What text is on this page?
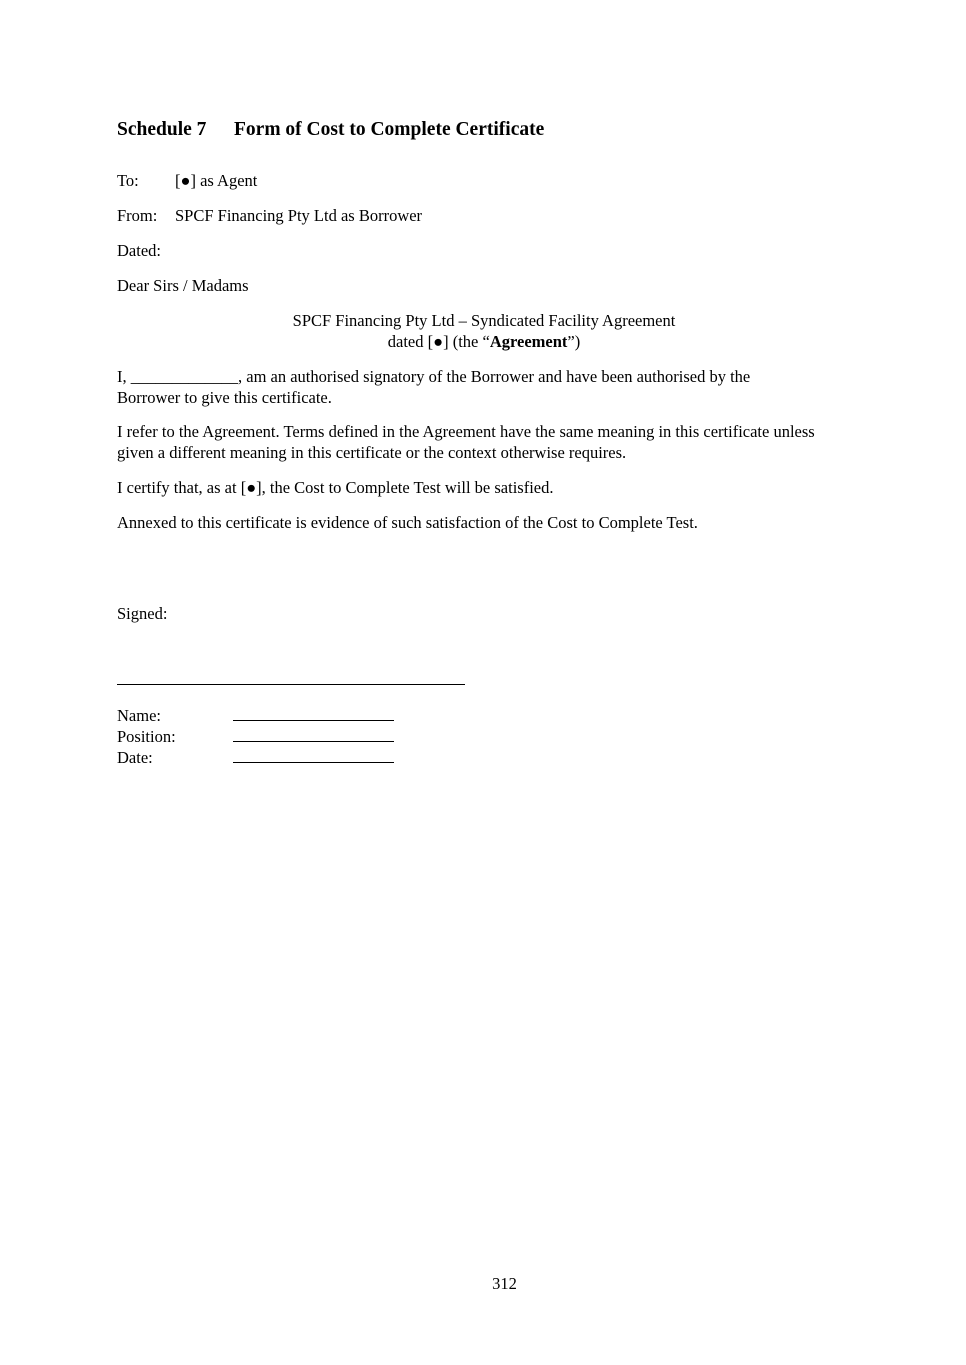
Schedule 7 Form of Cost to Complete Certificate
To: [●] as Agent
From: SPCF Financing Pty Ltd as Borrower
Dated:
Dear Sirs / Madams
SPCF Financing Pty Ltd – Syndicated Facility Agreement
dated [●] (the “Agreement”)
I, _____________, am an authorised signatory of the Borrower and have been authorised by the Borrower to give this certificate.
I refer to the Agreement. Terms defined in the Agreement have the same meaning in this certificate unless given a different meaning in this certificate or the context otherwise requires.
I certify that, as at [●], the Cost to Complete Test will be satisfied.
Annexed to this certificate is evidence of such satisfaction of the Cost to Complete Test.
Signed:
Name:
Position:
Date:
312
